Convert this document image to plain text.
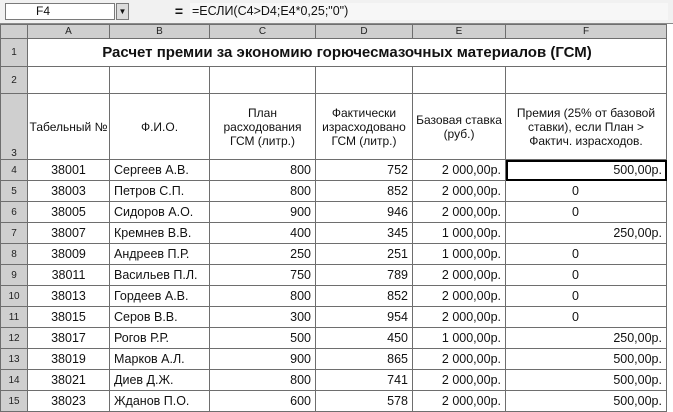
F4	▼	= =ЕСЛИ(C4>D4;E4*0,25;"0")
	A	B	C	D	E	F
1	Расчет премии за экономию горючесмазочных материалов (ГСМ)					
2						
3	Табельный №	Ф.И.О.	План расходования ГСМ (литр.)	Фактически израсходовано ГСМ (литр.)	Базовая ставка (руб.)	Премия (25% от базовой ставки), если План > Фактич. израсходов.
4	38001	Сергеев А.В.	800	752	2 000,00р.	500,00р.
5	38003	Петров С.П.	800	852	2 000,00р.	0
6	38005	Сидоров А.О.	900	946	2 000,00р.	0
7	38007	Кремнев В.В.	400	345	1 000,00р.	250,00р.
8	38009	Андреев П.Р.	250	251	1 000,00р.	0
9	38011	Васильев П.Л.	750	789	2 000,00р.	0
10	38013	Гордеев А.В.	800	852	2 000,00р.	0
11	38015	Серов В.В.	300	954	2 000,00р.	0
12	38017	Рогов Р.Р.	500	450	1 000,00р.	250,00р.
13	38019	Марков А.Л.	900	865	2 000,00р.	500,00р.
14	38021	Диев Д.Ж.	800	741	2 000,00р.	500,00р.
15	38023	Жданов П.О.	600	578	2 000,00р.	500,00р.
